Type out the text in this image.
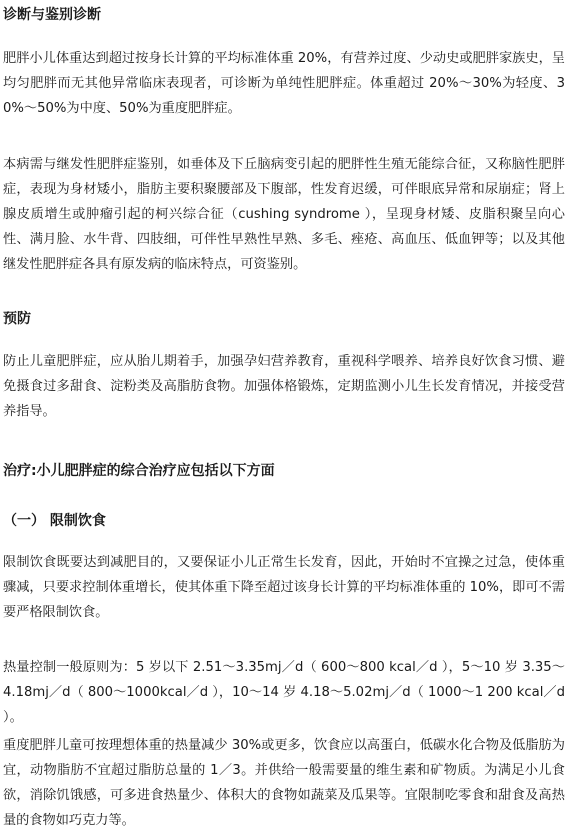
诊断与鉴别诊断

肥胖小儿体重达到超过按身长计算的平均标准体重 20%，有营养过度、少动史或肥胖家族史，呈均匀肥胖而无其他异常临床表现者，可诊断为单纯性肥胖症。体重超过 20%～30%为轻度、30%～50%为中度、50%为重度肥胖症。

本病需与继发性肥胖症鉴别，如垂体及下丘脑病变引起的肥胖性生殖无能综合征，又称脑性肥胖症，表现为身材矮小，脂肪主要积聚腰部及下腹部，性发育迟缓，可伴眼底异常和尿崩症；肾上腺皮质增生或肿瘤引起的柯兴综合征（cushing syndrome ），呈现身材矮、皮脂积聚呈向心性、满月脸、水牛背、四肢细，可伴性早熟性早熟、多毛、痤疮、高血压、低血钾等；以及其他继发性肥胖症各具有原发病的临床特点，可资鉴别。

预防

防止儿童肥胖症，应从胎儿期着手，加强孕妇营养教育，重视科学喂养、培养良好饮食习惯、避免摄食过多甜食、淀粉类及高脂肪食物。加强体格锻炼，定期监测小儿生长发育情况，并接受营养指导。

治疗:小儿肥胖症的综合治疗应包括以下方面
（一） 限制饮食

限制饮食既要达到减肥目的，又要保证小儿正常生长发育，因此，开始时不宜操之过急，使体重骤减，只要求控制体重增长，使其体重下降至超过该身长计算的平均标准体重的 10%，即可不需要严格限制饮食。

热量控制一般原则为：5 岁以下 2.51～3.35mj／d（ 600～800 kcal／d ），5～10 岁 3.35～4.18mj／d（ 800～1000kcal／d ），10～14 岁 4.18～5.02mj／d（ 1000～1 200 kcal／d ）。

重度肥胖儿童可按理想体重的热量减少 30%或更多，饮食应以高蛋白，低碳水化合物及低脂肪为宜，动物脂肪不宜超过脂肪总量的 1／3。并供给一般需要量的维生素和矿物质。为满足小儿食欲，消除饥饿感，可多进食热量少、体积大的食物如蔬菜及瓜果等。宜限制吃零食和甜食及高热量的食物如巧克力等。
